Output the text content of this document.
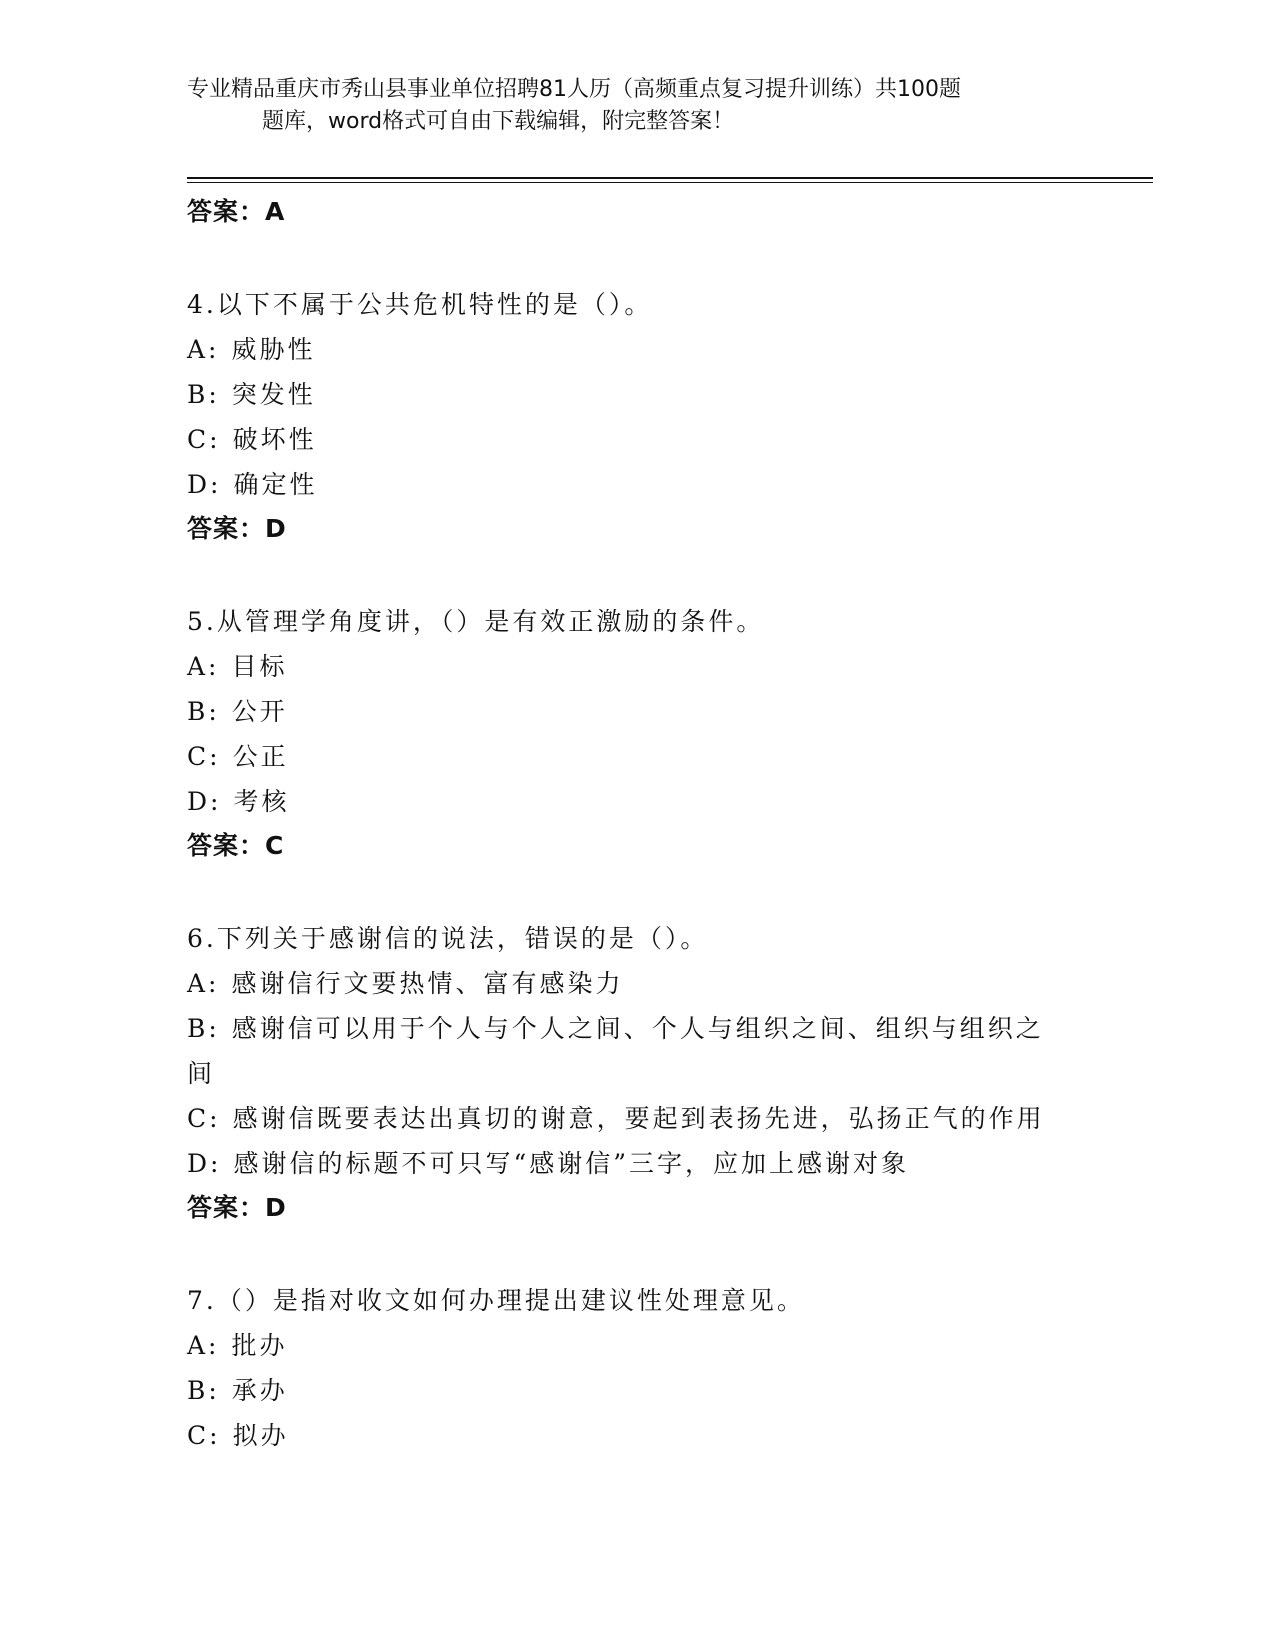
专业精品重庆市秀山县事业单位招聘81人历（高频重点复习提升训练）共100题
题库，word格式可自由下载编辑，附完整答案！
答案：A
4.以下不属于公共危机特性的是（）。
A: 威胁性
B: 突发性
C: 破坏性
D: 确定性
答案：D
5.从管理学角度讲，（）是有效正激励的条件。
A: 目标
B: 公开
C: 公正
D: 考核
答案：C
6.下列关于感谢信的说法，错误的是（）。
A: 感谢信行文要热情、富有感染力
B: 感谢信可以用于个人与个人之间、个人与组织之间、组织与组织之间
C: 感谢信既要表达出真切的谢意，要起到表扬先进，弘扬正气的作用
D: 感谢信的标题不可只写“感谢信”三字，应加上感谢对象
答案：D
7.（）是指对收文如何办理提出建议性处理意见。
A: 批办
B: 承办
C: 拟办
